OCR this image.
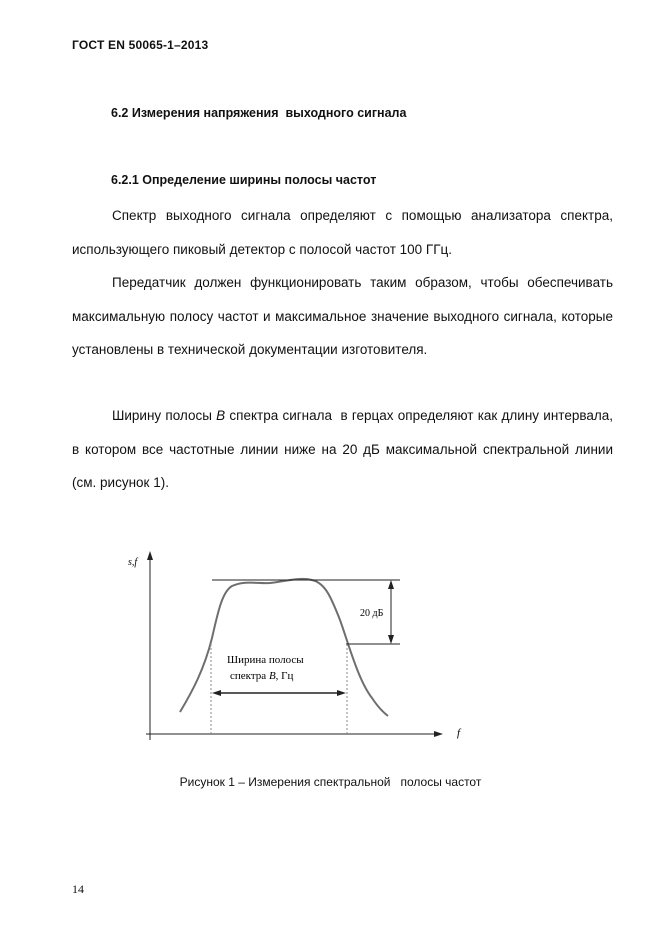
ГОСТ EN 50065-1–2013
6.2 Измерения напряжения  выходного сигнала
6.2.1 Определение ширины полосы частот

Спектр выходного сигнала определяют с помощью анализатора спектра, использующего пиковый детектор с полосой частот 100 ГГц.

Передатчик должен функционировать таким образом, чтобы обеспечивать максимальную полосу частот и максимальное значение выходного сигнала, которые установлены в технической документации изготовителя.

Ширину полосы B спектра сигнала  в герцах определяют как длину интервала, в котором все частотные линии ниже на 20 дБ максимальной спектральной линии (см. рисунок 1).

s,f
f
20 дБ
Ширина полосы
спектра B, Гц
Рисунок 1 – Измерения спектральной   полосы частот
14
